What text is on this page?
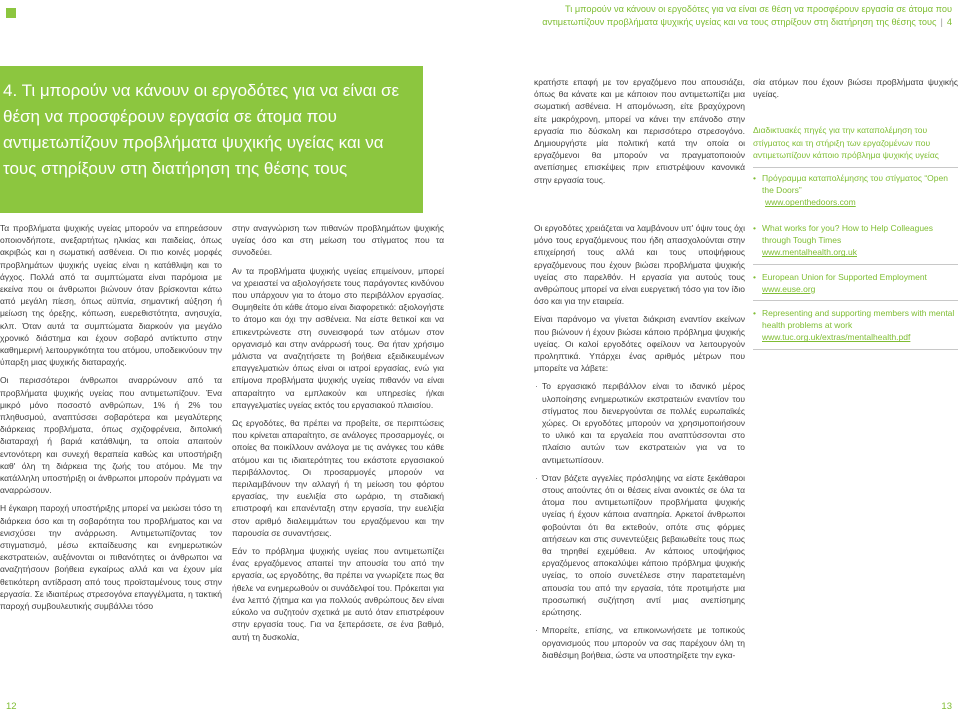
Τι μπορούν να κάνουν οι εργοδότες για να είναι σε θέση να προσφέρουν εργασία σε άτομα που
αντιμετωπίζουν προβλήματα ψυχικής υγείας και να τους στηρίξουν στη διατήρηση της θέσης τους | 4
4. Τι μπορούν να κάνουν οι εργοδότες για να είναι σε θέση να προσφέρουν εργασία σε άτομα που αντιμετωπίζουν προβλήματα ψυχικής υγείας και να τους στηρίξουν στη διατήρηση της θέσης τους

Τα προβλήματα ψυχικής υγείας μπορούν να επηρεάσουν οποιονδήποτε, ανεξαρτήτως ηλικίας και παιδείας, όπως ακριβώς και η σωματική ασθένεια. Οι πιο κοινές μορφές προβλημάτων ψυχικής υγείας είναι η κατάθλιψη και το άγχος. Πολλά από τα συμπτώματα είναι παρόμοια με εκείνα που οι άνθρωποι βιώνουν όταν βρίσκονται κάτω από μεγάλη πίεση, όπως αϋπνία, σημαντική αύξηση ή μείωση της όρεξης, κόπωση, ευερεθιστότητα, ανησυχία, κλπ. Όταν αυτά τα συμπτώματα διαρκούν για μεγάλο χρονικό διάστημα και έχουν σοβαρό αντίκτυπο στην καθημερινή λειτουργικότητα του ατόμου, υποδεικνύουν την ύπαρξη μιας ψυχικής διαταραχής.

Οι περισσότεροι άνθρωποι αναρρώνουν από τα προβλήματα ψυχικής υγείας που αντιμετωπίζουν. Ένα μικρό μόνο ποσοστό ανθρώπων, 1% ή 2% του πληθυσμού, αναπτύσσει σοβαρότερα και μεγαλύτερης διάρκειας προβλήματα, όπως σχιζοφρένεια, διπολική διαταραχή ή βαριά κατάθλιψη, τα οποία απαιτούν εντονότερη και συνεχή θεραπεία καθώς και υποστήριξη καθ' όλη τη διάρκεια της ζωής του ατόμου. Με την κατάλληλη υποστήριξη οι άνθρωποι μπορούν πράγματι να αναρρώσουν.

Η έγκαιρη παροχή υποστήριξης μπορεί να μειώσει τόσο τη διάρκεια όσο και τη σοβαρότητα του προβλήματος και να ενισχύσει την ανάρρωση. Αντιμετωπίζοντας τον στιγματισμό, μέσω εκπαίδευσης και ενημερωτικών εκστρατειών, αυξάνονται οι πιθανότητες οι άνθρωποι να αναζητήσουν βοήθεια εγκαίρως αλλά και να έχουν μία θετικότερη αντίδραση από τους προϊσταμένους τους στην εργασία. Σε ιδιαιτέρως στρεσογόνα επαγγέλματα, η τακτική παροχή συμβουλευτικής συμβάλλει τόσο

στην αναγνώριση των πιθανών προβλημάτων ψυχικής υγείας όσο και στη μείωση του στίγματος που τα συνοδεύει.

Αν τα προβλήματα ψυχικής υγείας επιμείνουν, μπορεί να χρειαστεί να αξιολογήσετε τους παράγοντες κινδύνου που υπάρχουν για το άτομο στο περιβάλλον εργασίας. Θυμηθείτε ότι κάθε άτομο είναι διαφορετικό: αξιολογήστε το άτομο και όχι την ασθένεια. Να είστε θετικοί και να επικεντρώνεστε στη συνεισφορά των ατόμων στον οργανισμό και στην ανάρρωσή τους. Θα ήταν χρήσιμο μάλιστα να αναζητήσετε τη βοήθεια εξειδικευμένων επαγγελματιών όπως είναι οι ιατροί εργασίας, ενώ για επίμονα προβλήματα ψυχικής υγείας πιθανόν να είναι απαραίτητο να εμπλακούν και υπηρεσίες ή/και επαγγελματίες υγείας εκτός του εργασιακού πλαισίου.

Ως εργοδότες, θα πρέπει να προβείτε, σε περιπτώσεις που κρίνεται απαραίτητο, σε ανάλογες προσαρμογές, οι οποίες θα ποικίλλουν ανάλογα με τις ανάγκες του κάθε ατόμου και τις ιδιαιτερότητες του εκάστοτε εργασιακού περιβάλλοντος. Οι προσαρμογές μπορούν να περιλαμβάνουν την αλλαγή ή τη μείωση του φόρτου εργασίας, την ευελιξία στο ωράριο, τη σταδιακή επιστροφή και επανένταξη στην εργασία, την ευελιξία στον αριθμό διαλειμμάτων του εργαζόμενου και την παρουσία σε συναντήσεις.

Εάν το πρόβλημα ψυχικής υγείας που αντιμετωπίζει ένας εργαζόμενος απαιτεί την απουσία του από την εργασία, ως εργοδότης, θα πρέπει να γνωρίζετε πως θα ήθελε να ενημερωθούν οι συνάδελφοί του. Πρόκειται για ένα λεπτό ζήτημα και για πολλούς ανθρώπους δεν είναι εύκολο να συζητούν σχετικά με αυτό όταν επιστρέφουν στην εργασία τους. Για να ξεπεράσετε, σε ένα βαθμό, αυτή τη δυσκολία,

κρατήστε επαφή με τον εργαζόμενο που απουσιάζει, όπως θα κάνατε και με κάποιον που αντιμετωπίζει μια σωματική ασθένεια. Η απομόνωση, είτε βραχύχρονη είτε μακρόχρονη, μπορεί να κάνει την επάνοδο στην εργασία πιο δύσκολη και περισσότερο στρεσογόνο. Δημιουργήστε μία πολιτική κατά την οποία οι εργαζόμενοι θα μπορούν να πραγματοποιούν ανεπίσημες επισκέψεις πριν επιστρέψουν κανονικά στην εργασία τους.

Οι εργοδότες χρειάζεται να λαμβάνουν υπ' όψιν τους όχι μόνο τους εργαζόμενους που ήδη απασχολούνται στην επιχείρησή τους αλλά και τους υποψήφιους εργαζόμενους που έχουν βιώσει προβλήματα ψυχικής υγείας στο παρελθόν. Η εργασία για αυτούς τους ανθρώπους μπορεί να είναι ευεργετική τόσο για τον ίδιο όσο και για την εταιρεία.

Είναι παράνομο να γίνεται διάκριση εναντίον εκείνων που βιώνουν ή έχουν βιώσει κάποιο πρόβλημα ψυχικής υγείας. Οι καλοί εργοδότες οφείλουν να λειτουργούν προληπτικά. Υπάρχει ένας αριθμός μέτρων που μπορείτε να λάβετε:

· Το εργασιακό περιβάλλον είναι το ιδανικό μέρος υλοποίησης ενημερωτικών εκστρατειών εναντίον του στίγματος που διενεργούνται σε πολλές ευρωπαϊκές χώρες. Οι εργοδότες μπορούν να χρησιμοποιήσουν το υλικό και τα εργαλεία που αναπτύσσονται στο πλαίσιο αυτών των εκστρατειών για να το αντιμετωπίσουν.

· Όταν βάζετε αγγελίες πρόσληψης να είστε ξεκάθαροι στους αιτούντες ότι οι θέσεις είναι ανοικτές σε όλα τα άτομα που αντιμετωπίζουν προβλήματα ψυχικής υγείας ή έχουν κάποια αναπηρία. Αρκετοί άνθρωποι φοβούνται ότι θα εκτεθούν, οπότε στις φόρμες αιτήσεων και στις συνεντεύξεις βεβαιωθείτε τους πως θα τηρηθεί εχεμύθεια. Αν κάποιος υποψήφιος εργαζόμενος αποκαλύψει κάποιο πρόβλημα ψυχικής υγείας, το οποίο συνετέλεσε στην παρατεταμένη απουσία του από την εργασία, τότε προτιμήστε μια προσωπική συζήτηση αντί μιας ανεπίσημης ερώτησης.

· Μπορείτε, επίσης, να επικοινωνήσετε με τοπικούς οργανισμούς που μπορούν να σας παρέχουν όλη τη διαθέσιμη βοήθεια, ώστε να υποστηρίξετε την εγκα-

σία ατόμων που έχουν βιώσει προβλήματα ψυχικής υγείας.

Διαδικτυακές πηγές για την καταπολέμηση του στίγματος και τη στήριξη των εργαζομένων που αντιμετωπίζουν κάποιο πρόβλημα ψυχικής υγείας

• Πρόγραμμα καταπολέμησης του στίγματος “Open the Doors”
www.openthedoors.com
• What works for you? How to Help Colleagues through Tough Times
www.mentalhealth.org.uk
• European Union for Supported Employment
www.euse.org
• Representing and supporting members with mental health problems at work
www.tuc.org.uk/extras/mentalhealth.pdf
12	13
